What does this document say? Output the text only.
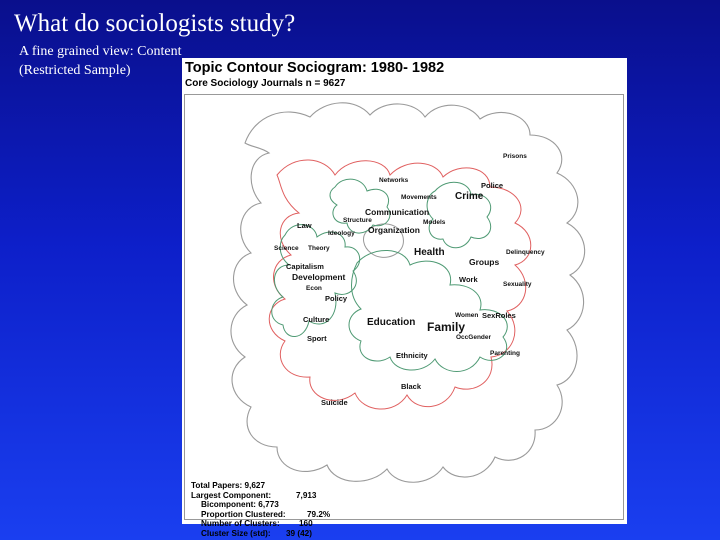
What do sociologists study?
A fine grained view: Content
(Restricted Sample)	Topic Contour Sociogram: 1980- 1982
Core Sociology Journals n = 9627
Prisons
Networks
Police
Movements Crime
Communication
Structure	Models
Law
Ideology Organization
Science Theory	Health	Delinquency
Groups
Capitalism
Development	Work
Sexuality
Econ
Policy
Women SexRoles
Culture	Education Family
OccGender
Sport
Parenting
Ethnicity
Black
Suicide
Total Papers: 9,627
Largest Component:	7,913
Bicomponent: 6,773
Proportion Clustered:	79.2%
Number of Clusters: 160
Cluster Size (std): 39 (42)
